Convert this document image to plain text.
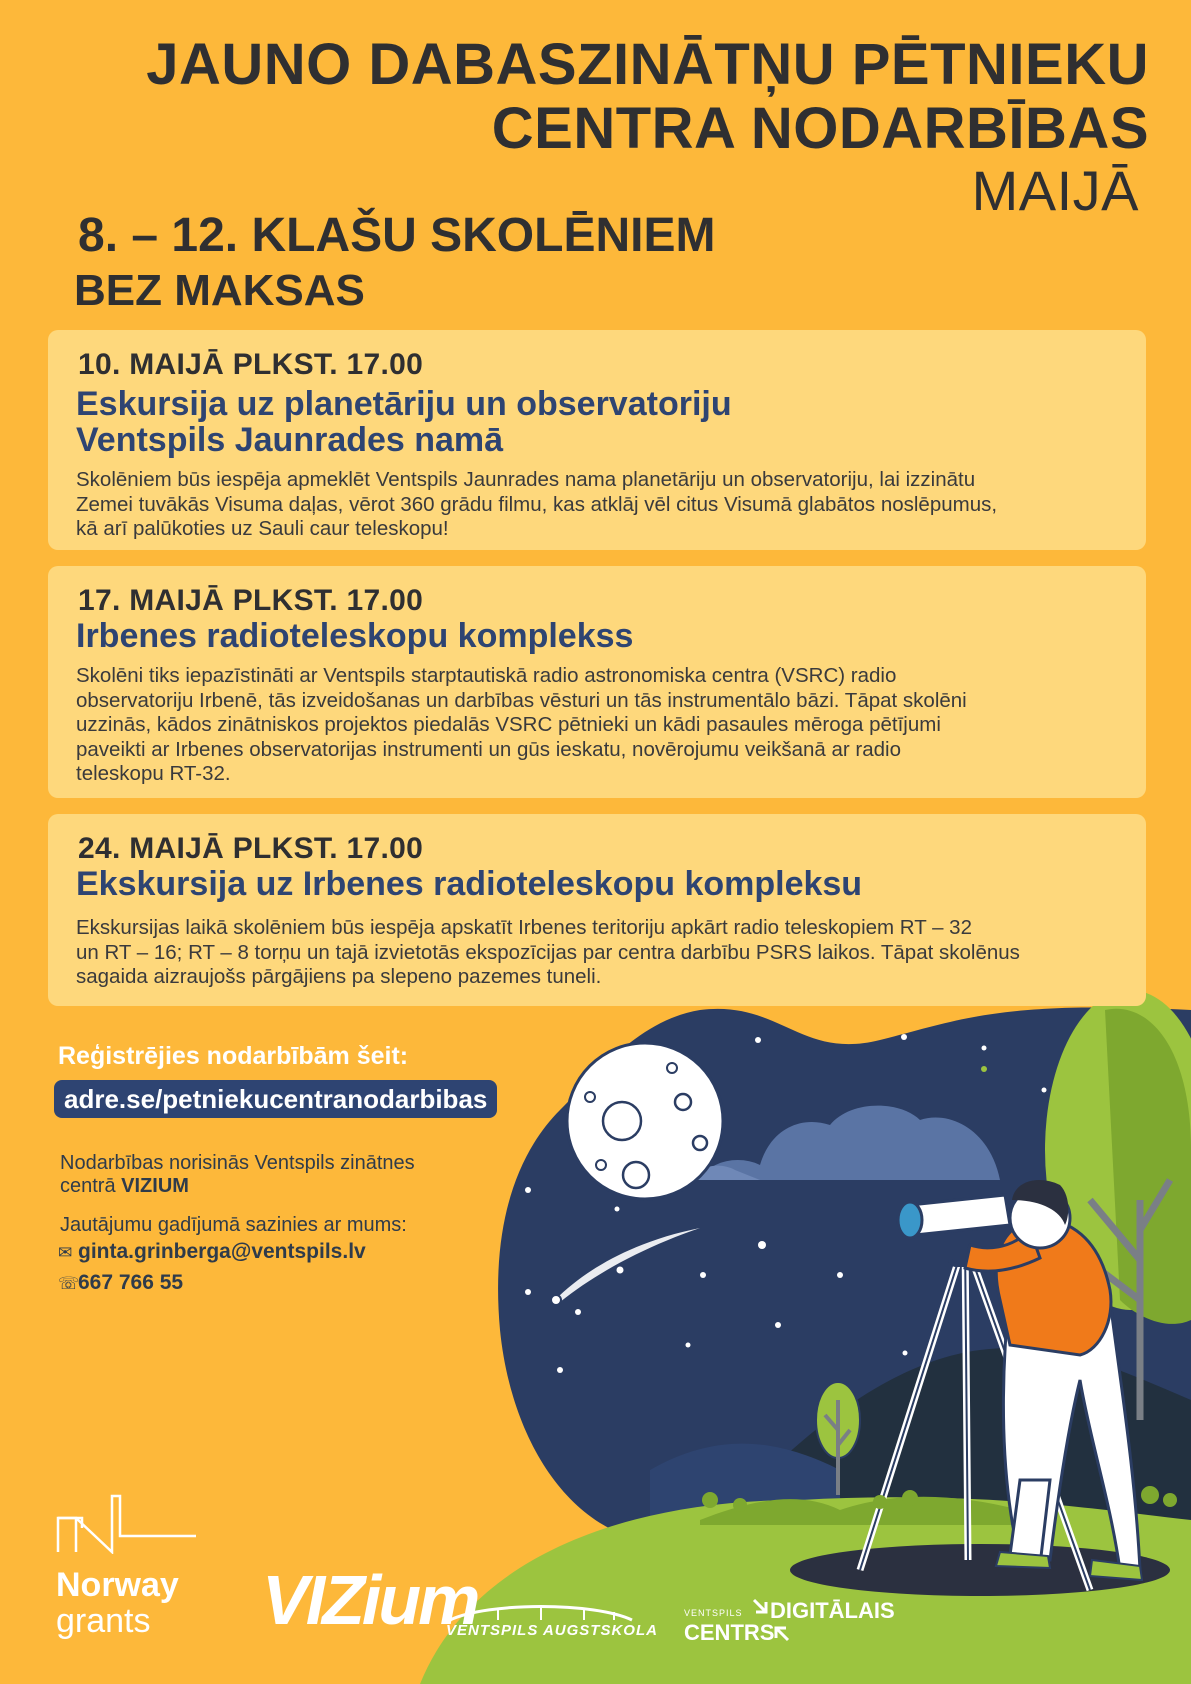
JAUNO DABASZINĀTŅU PĒTNIEKU
CENTRA NODARBĪBAS
MAIJĀ
8. – 12. KLAŠU SKOLĒNIEM
BEZ MAKSAS
10. MAIJĀ PLKST. 17.00
Eskursija uz planetāriju un observatoriju
Ventspils Jaunrades namā
Skolēniem būs iespēja apmeklēt Ventspils Jaunrades nama planetāriju un observatoriju, lai izzinātu
Zemei tuvākās Visuma daļas, vērot 360 grādu filmu, kas atklāj vēl citus Visumā glabātos noslēpumus,
kā arī palūkoties uz Sauli caur teleskopu!
17. MAIJĀ PLKST. 17.00
Irbenes radioteleskopu komplekss
Skolēni tiks iepazīstināti ar Ventspils starptautiskā radio astronomiska centra (VSRC) radio
observatoriju Irbenē, tās izveidošanas un darbības vēsturi un tās instrumentālo bāzi. Tāpat skolēni
uzzinās, kādos zinātniskos projektos piedalās VSRC pētnieki un kādi pasaules mēroga pētījumi
paveikti ar Irbenes observatorijas instrumenti un gūs ieskatu, novērojumu veikšanā ar radio
teleskopu RT-32.
24. MAIJĀ PLKST. 17.00
Ekskursija uz Irbenes radioteleskopu kompleksu
Ekskursijas laikā skolēniem būs iespēja apskatīt Irbenes teritoriju apkārt radio teleskopiem RT – 32
un RT – 16; RT – 8 torņu un tajā izvietotās ekspozīcijas par centra darbību PSRS laikos. Tāpat skolēnus
sagaida aizraujošs pārgājiens pa slepeno pazemes tuneli.
Reģistrējies nodarbībām šeit:
adre.se/petniekucentranodarbibas
Nodarbības norisinās Ventspils zinātnes
centrā VIZIUM
Jautājumu gadījumā sazinies ar mums:
✉ ginta.grinberga@ventspils.lv
☏667 766 55
Norway
grants VIZium
VENTSPILS AUGSTSKOLA
VENTSPILS DIGITĀLAIS
CENTRS
